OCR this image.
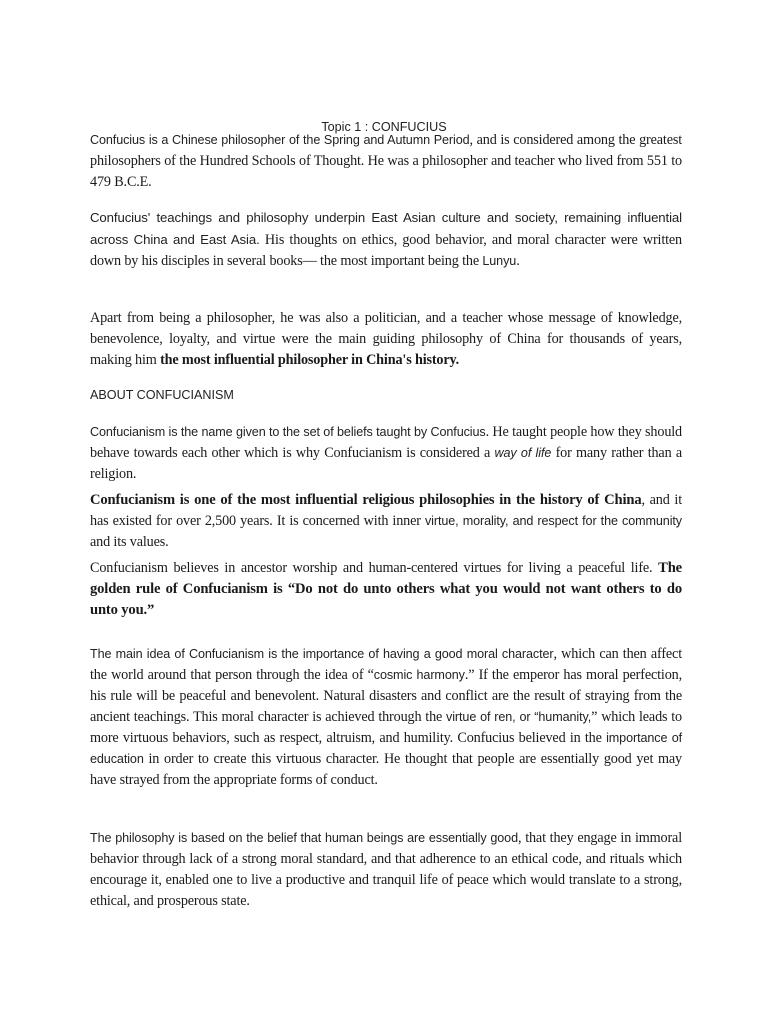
Topic 1 : CONFUCIUS

Confucius is a Chinese philosopher of the Spring and Autumn Period, and is considered among the greatest philosophers of the Hundred Schools of Thought. He was a philosopher and teacher who lived from 551 to 479 B.C.E.

Confucius' teachings and philosophy underpin East Asian culture and society, remaining influential across China and East Asia. His thoughts on ethics, good behavior, and moral character were written down by his disciples in several books— the most important being the Lunyu.

Apart from being a philosopher, he was also a politician, and a teacher whose message of knowledge, benevolence, loyalty, and virtue were the main guiding philosophy of China for thousands of years, making him the most influential philosopher in China's history.

ABOUT CONFUCIANISM

Confucianism is the name given to the set of beliefs taught by Confucius. He taught people how they should behave towards each other which is why Confucianism is considered a way of life for many rather than a religion.

Confucianism is one of the most influential religious philosophies in the history of China, and it has existed for over 2,500 years. It is concerned with inner virtue, morality, and respect for the community and its values.

Confucianism believes in ancestor worship and human-centered virtues for living a peaceful life. The golden rule of Confucianism is “Do not do unto others what you would not want others to do unto you.”

The main idea of Confucianism is the importance of having a good moral character, which can then affect the world around that person through the idea of “cosmic harmony.” If the emperor has moral perfection, his rule will be peaceful and benevolent. Natural disasters and conflict are the result of straying from the ancient teachings. This moral character is achieved through the virtue of ren, or “humanity,” which leads to more virtuous behaviors, such as respect, altruism, and humility. Confucius believed in the importance of education in order to create this virtuous character. He thought that people are essentially good yet may have strayed from the appropriate forms of conduct.

The philosophy is based on the belief that human beings are essentially good, that they engage in immoral behavior through lack of a strong moral standard, and that adherence to an ethical code, and rituals which encourage it, enabled one to live a productive and tranquil life of peace which would translate to a strong, ethical, and prosperous state.
